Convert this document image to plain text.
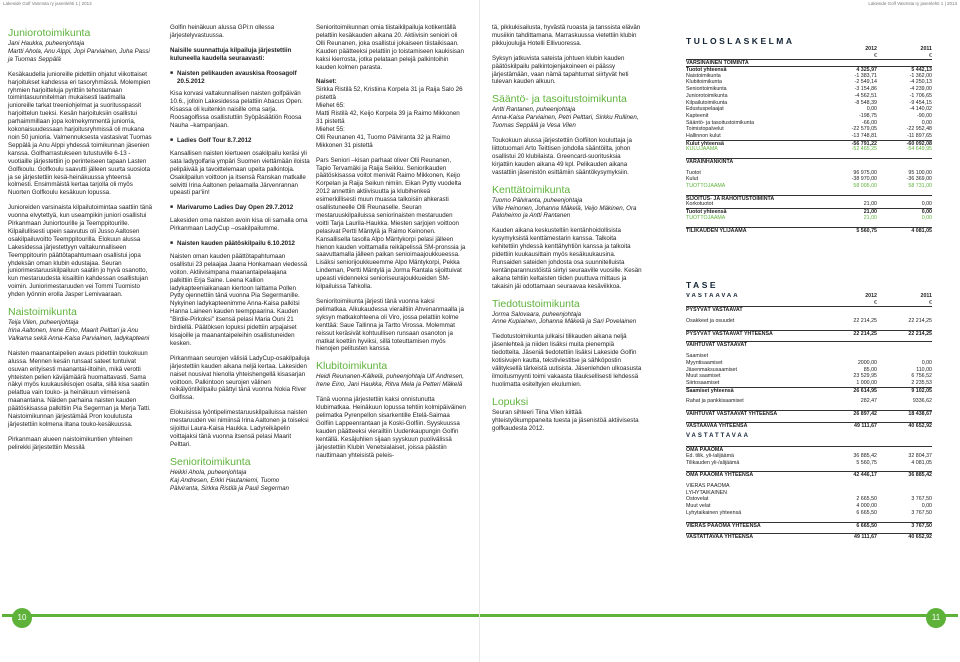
Lakeside Golf Vasmsta ry jasenlehti 1 | 2013	Lakeside Golf Vasmsta ry jasenlehti 1 | 2013
Juniorotoimikunta

Jani Haukka, puheenjohtaja
Martti Ahola, Anu Alppi, Jopi Parviainen, Juha Passi ja Tuomas Seppälä

Kesäkaudella junioreille pidettiin ohjatut viikottaiset harjoitukset kahdessa eri tasoryhmässä. Molempien ryhmien harjoitteluja pyrittiin tehostamaan toimintasuunnitelman mukaisesti laatimalla junioreille tarkat treeniohjelmat ja suoritusspassit harjoittelun tueksi. Kesän harjoituksiin osallistui parhaimmillaan jopa kolmekymmentä juniorria, kokonaisuudessaan harjoitusryhmissä oli mukana noin 50 junioria. Valmennuksesta vastasivat Tuomas Seppälä ja Anu Alppi yhdessä toimikunnan jäsenien kanssa. Golfharrastukseen tutustuville 6-13 -vuotiaille järjestettiin jo perinteiseen tapaan Lasten Golfkoulu. Golfkoulu saavutti jälleen suurta suosiota ja se järjestettiin kesä-heinäkuussa yhteensä kolmesti. Ensimmäistä kertaa tarjolla oli myös Nuorten Golfkoulu kesäkuun lopussa.

Junioreiden varsinaista kilpailutoimintaa saattiin tänä vuonna elvytettyä, kun useampikin juniori osallistui Pirkanmaan Juniortourille ja Teemppitourille. Kilpailullisesti upein saavutus oli Jusso Aaltosen osakilpailuvoitto Teemppitourilla. Elokuun alussa Lakesidessa järjestettyyn valtakunnalliseen Teemppitourin päättötapahtumaan osallistui jopa yhdeksän oman klubin edustajaa. Seuran juniorimestaruuskilpailuun saatiin jo hyvä osanotto, kun mestaruudesta kisailtiin kahdessan osallistujan voimin. Juniorimestaruuden vei Tommi Tuomisto yhden lyönnin erolla Jasper Lemivaaraan.

Naistoimikunta

Teija Vilen, puheenjohtaja
Irina Aaltonen, Irene Eino, Maarit Pelttari ja Anu Valkama sekä Anna-Kaisa Parviainen, ladykapteeni

Naisten maanantaipelien avaus pidettiin toukokuun alussa. Mennen kesän runsaat sateet tuntuivat osuvan erityisesti maanantai-iltoihin, mikä verotti yhteisten pelien kävijämäärä huomattavasti. Sama näkyi myös kuukausikisojen osalta, sillä kisa saatiin pelattua vain touko- ja heinäkuun viimeisenä maanantaina. Näiden parhaina naisten kauden päätöskisassa palkittiin Pia Segerman ja Merja Tatti. Naistoimikunnan järjestämää Pron koulutusta järjestettiin kolmena iltana touko-kesäkuussa.

Pirkanmaan alueen naistoimikuntien yhteinen pelirekki järjestettiin Messilä

Golfin heinäkuun alussa GPi:n ollessa järjestelyvastuussa.

Naisille suunnattuja kilpailuja järjestettiin kuluneella kaudella seuraavasti:

■ Naisten pelikauden avauskisa Roosagolf 20.5.2012

Kisa korvasi valtakunnallisen naisten golfpäivän 10.6., jolloin Lakesidessa pelattiin Abacus Open. Kisassa oli kuitenkin naisille oma sarja. Roosagolfissa osallistuttiin Syöpäsäätiön Roosa Nauha –kampanjaan.

■ Ladies Golf Tour 8.7.2012

Kansallisen naisten kiertueen osakilpailu keräsi yli sata ladygolfaria ympäri Suomen viettämään iloista pelipäivää ja tavoittelemaan upeita palkintoja. Osakilpailun voittoon ja itsensä Ranskan matkalle selvitti Irina Aaltonen pelaamalla Järvenrannan upeasti par'iin!

■ Marivarumo Ladies Day Open 29.7.2012

Lakesiden oma naisten avoin kisa oli samalla oma Pirkanmaan LadyCup –osakilpailumme.

■ Naisten kauden päätöskilpailu 6.10.2012

Naisten oman kauden päättötapahtumaan osallistui 23 pelaajaa Jaana Honkamaan viedessä voiton. Aktiivisimpana maanantaipelaajana palkittiin Erja Saine. Leena Kallion ladykapteeniaikanaan kiertoon laittama Pollen Pytty ojennettiin tänä vuonna Pia Segermanille. Nykyinen ladykapteenimme Anna-Kaisa palkitsi Hanna Laineen kauden teemppaarina. Kauden "Birdie-Pirkoksi" itsensä pelasi Maria Ouni 21 birdiellä. Päätöksen lopuksi pidettiin arpajaiset kisajoille ja maanantaipeleihin osallistuneiden kesken.

Pirkanmaan seurojen välisiä LadyCup-osakilpailuja järjestettiin kauden aikana neljä kertaa. Lakesiden naiset nousivat hienolla yhteishengellä kisasarjan voittoon. Palkintoon seurojen välinen reikälyöntikilpailu päättyi tänä vuonna Nokia River Golfissa.

Elokuisissa lyöntipelimestaruuskilpailuissa naisten mestaruuden vei nimiinsä Irina Aaltonen ja toiseksi sijoittui Laura-Kaisa Haukka. Ladyreikäpelin voittajaksi tänä vuonna itsensä pelasi Maarit Pelttari.

Senioritoimikunta

Heikki Ahola, puheenjohtaja
Kaj Andresen, Erkki Hautaniemi, Tuomo Pälviranta, Sirkka Ristilä ja Pauli Segerman

Senioritoimikunnan omia tiistaikilpailuja kotikentällä pelattiin kesäkauden aikana 20. Aktiivisin senioiri oli Olli Reunanen, joka osallistui jokaiseen tiistaikisaan. Kauden päätteeksi pelattiin jo toistamiseen kaukisisan kaksi kierrosta, jotka pelataan pelejä palkintoihin kauden kolmen parasta.

Naiset:

Sirkka Ristilä 52, Kristiina Korpela 31 ja Raija Salo 26 pistettä
Miehet 65:
Matti Ristilä 42, Keijo Korpela 39 ja Raimo Mikkonen 31 pistettä
Miehet 55:
Olli Reunanen 41, Tuomo Pälviranta 32 ja Raimo Mikkonen 31 pistettä

Pars Seniori –kisan parhaat oliver Olli Reunanen, Tapio Tervamäki ja Raija Seikku. Seniorikauden päätöskisassa voitot menivät Raimo Mikkonen, Keijo Korpelan ja Raija Seikun nimiin. Eikan Pytty vuodelta 2012 annettiin aktiivisuutta ja klubihenkeä esimerkillisesti muun muassa talkoisiin ahkerasti osallistuneelle Olli Reunaselle. Seuran mestaruuskilpailuissa seniorinaisten mestaruuden voitti Tarja Laurila-Haukka. Miesten sarjojen voittoon pelasivat Pertti Mäntylä ja Raimo Keinonen. Kansallisella tasolla Alpo Mäntykorpi pelasi jälleen hienon kauden voittamalla reikäpelissä SM-pronssia ja saavuttamalla jälleen paikan senioimaajoukkueessa. Lisäksi seniorijoukkueemme Alpo Mäntykorpi, Pekka Lindeman, Pertti Mäntylä ja Jorma Rantala sijoittuivat upeasti viidenneksi senioriseurajoukkueiden SM-kilpailuissa Tahkolla.

Senioritoimikunta järjesti tänä vuonna kaksi pelimatkaa. Alkukaudessa vierailtiin Ahvenanmaalla ja syksyn matkakohteena oli Viro, jossa pelattiin kolme kenttää: Saue Tallinna ja Tartto Virossa. Molemmat reissut keräsivät kohtuullisen runsaan osanoton ja matkat koettiin hyviksi, sillä toteuttamisen myös hienojen pelitusten kanssa.

Klubitoimikunta

Heidi Reunanen-Kälkelä, puheenjohtaja Ulf Andresen, Irene Eino, Jani Haukka, Ritva Mela ja Petteri Mäkelä

Tänä vuonna järjestettiin kaksi onnistunutta klubimatkaa. Heinäkuun lopussa tehtiin kolmipäiväinen pelimatka Pyrenpellon sisarkentille Etelä-Saimaa Golfiin Lappeenrantaan ja Koski-Golfiin. Syyskuussa kauden päätteeksi vierailtiin Uudenkaupungin Golfin kentällä. Kesäjuhlien sijaan syyskuun puolivälissä järjestettiin Klubin Venetsialaiset, joissa päästiin nauttimaan yhteisistä peleis-

tä, pikkukisailusta, hyvästä ruoasta ja tanssista elävän musiikin tahdittamana. Marraskuussa vietettiin klubin pikkujoulujja Hotelli Ellivuoressa.

Syksyn jatkuvista sateista johtuen klubin kauden päätöskilpailu palkintojenjakoineen ei päässy järjestämään, vaan nämä tapahtumat siirtyvät heti tulevan kauden alkuun.

Sääntö- ja tasoitustoimikunta

Antti Rantanen, puheenjohtaja
Anna-Kaisa Parviainen, Petri Pelttari, Sirkku Rullinen, Tuomas Seppälä ja Vesa Vilen

Toukokuun alussa järjestettiin Golfiiton kouluttaja ja liittotuomari Arto Teittisen johdolla sääntöilta, johon osallistui 20 klubilaista. Greencard-suoritusksia kirjattiin kauden aikana 49 kpl. Pelikauden aikana vastattiin jäsenistön esittämiin sääntökysymyksiin.

Kenttätoimikunta

Tuomo Pälviranta, puheenjohtaja
Ville Heinonen, Johanna Mäkelä, Veijo Mäkinen, Ora Paloheimo ja Antti Rantanen

Kauden aikana keskusteltiin kentänhoidollisista kysymyksistä kenttämestarin kanssa. Talkoita kehitettiin yhdessä kenttähyhtiön kanssa ja talkoita pidettiin kuukausittain myös kesäkuukausina. Runsaiden sateiden johdosta osa suunnitelluista kentänparannustöistä siirtyi seuraaville vuosille. Kesän aikana tehtiin keltaisten tiiden puuttuva mittaus ja takaisin jäi odottamaan seuraavaa kesäviikkoa.

Tiedotustoimikunta

Jorma Salovaara, puheenjohtaja
Anne Kupiainen, Johanna Mäkelä ja Sari Povelainen

Tiedotustoimikunta julkaisi tilikauden aikana neljä jäsenlehteä ja niiden lisäksi muita pienempiä tiedotteita. Jäseniä tiedotettiin lisäksi Lakeside Golfin kotisivujen kautta, tekstiviestitse ja sähköpostin välityksellä tärkeistä uutisista. Jäsenlehden ulkoasusta ilmoitusmyynti toimi vakaasta tilauksellisesti lehdessä huolimatta esiteltyjen ekulumien.

Lopuksi

Seuran sihteeri Tiina Vilen kiittää yhteistyökumppaneita tuesta ja jäsenistöä aktiivisesta golfkaudesta 2012.

TULOSLASKELMA
2012	2011
€	€
VARSINAINEN TOIMINTA
Tuotot yhteensä	4 325,97	5 442,13
Naistoimikunta	-1 383,71	-1 362,00
Klubitoimikunta	-2 549,14	-4 250,13
Senioritoimikunta	-3 154,86	-4 239,00
Juniorotoimikunta	-4 562,51	-1 706,65
Kilpailutoimikunta	-8 548,39	-9 454,15
Edustuspelaajat	0,00	-4 140,02
Kapteenit	-198,75	-90,00
Sääntö- ja tasoitustoimikunta	-66,00	0,00
Toimistopalvelut	-22 579,05	-22 952,48
Hallinnon kulut	-13 748,81	-11 897,65
Kulut yhteensä	-56 791,22	-60 092,08
KULUJÄÄMÄ	-52 465,25	-54 649,95
VARAINHANKINTA
Tuotot	96 975,00	95 100,00
Kulut	-38 970,00	-36 369,00
TUOTTOJÄÄMÄ	58 005,00	58 731,00
SIJOITUS- JA RAHOITUSTOIMINTA
Korkotuotot	21,00	0,00
Tuotot yhteensä	21,00	0,00
TUOTTOJÄÄMÄ	21,00	0,00
TILIKAUDEN YLIJÄÄMÄ	5 560,75	4 081,05
TASE
VASTAAVAA	2012	2011
€	€
PYSYVÄT VASTAAVAT
Osakkeet ja osuudet	22 214,25	22 214,25
PYSYVÄT VASTAAVAT YHTEENSÄ	22 214,25	22 214,25
VAIHTUVAT VASTAAVAT
Saamiset
Myyntisaamiset	2000,00	0,00
Jäsenmaksusaamiset	85,00	110,00
Muut saamiset	23 529,95	6 756,52
Siirtosaamiset	1 000,00	2 235,53
Saamiset yhteensä	26 614,95	9 102,05
Rahat ja pankkisaamiset	282,47	9336,62
VAIHTUVAT VASTAAVAT YHTEENSÄ	26 897,42	18 438,67
VASTAAVAA YHTEENSÄ	49 111,67	40 652,92
VASTATTAVAA
OMA PÄÄOMA
Ed. tilik. yli-/alijäämä	36 885,42	32 804,37
Tilikauden yli-/alijäämä	5 560,75	4 081,05
OMA PÄÄOMA YHTEENSÄ	42 446,17	36 885,42
VIERAS PÄÄOMA
LYHYTAIKAINEN
Ostovelat	2 665,50	3 767,50
Muut velat	4 000,00	0,00
Lyhytaikainen yhteensä	6 665,50	3 767,50
VIERAS PÄÄOMA YHTEENSÄ	6 665,50	3 767,50
VASTATTAVAA YHTEENSÄ	49 111,67	40 652,92
10	11
